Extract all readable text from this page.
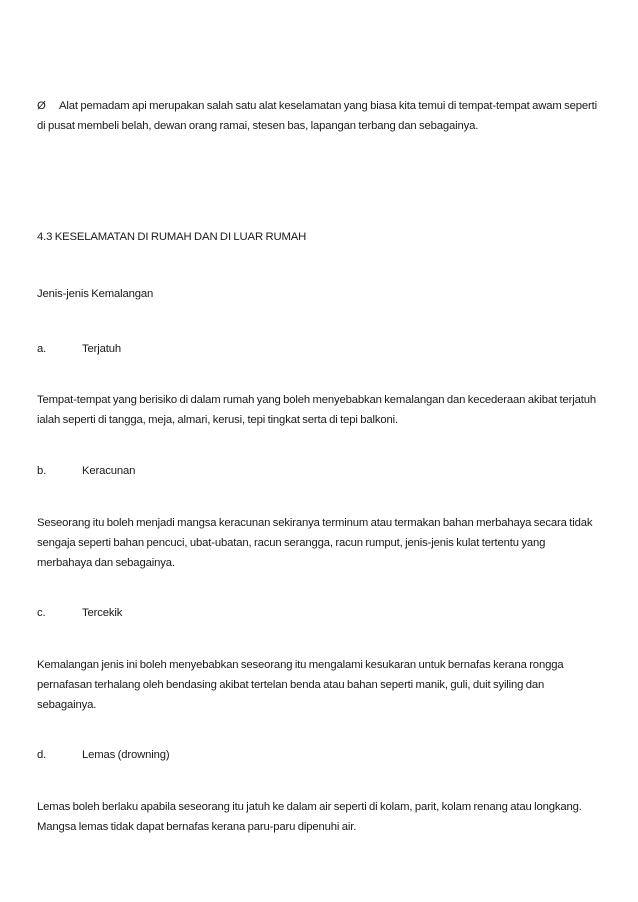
Ø Alat pemadam api merupakan salah satu alat keselamatan yang biasa kita temui di tempat-tempat awam seperti
di pusat membeli belah, dewan orang ramai, stesen bas, lapangan terbang dan sebagainya.
4.3 KESELAMATAN DI RUMAH DAN DI LUAR RUMAH
Jenis-jenis Kemalangan
a.	Terjatuh
Tempat-tempat yang berisiko di dalam rumah yang boleh menyebabkan kemalangan dan kecederaan akibat terjatuh
ialah seperti di tangga, meja, almari, kerusi, tepi tingkat serta di tepi balkoni.
b.	Keracunan
Seseorang itu boleh menjadi mangsa keracunan sekiranya terminum atau termakan bahan merbahaya secara tidak
sengaja seperti bahan pencuci, ubat-ubatan, racun serangga, racun rumput, jenis-jenis kulat tertentu yang
merbahaya dan sebagainya.
c.	Tercekik
Kemalangan jenis ini boleh menyebabkan seseorang itu mengalami kesukaran untuk bernafas kerana rongga
pernafasan terhalang oleh bendasing akibat tertelan benda atau bahan seperti manik, guli, duit syiling dan
sebagainya.
d.	Lemas (drowning)
Lemas boleh berlaku apabila seseorang itu jatuh ke dalam air seperti di kolam, parit, kolam renang atau longkang.
Mangsa lemas tidak dapat bernafas kerana paru-paru dipenuhi air.
